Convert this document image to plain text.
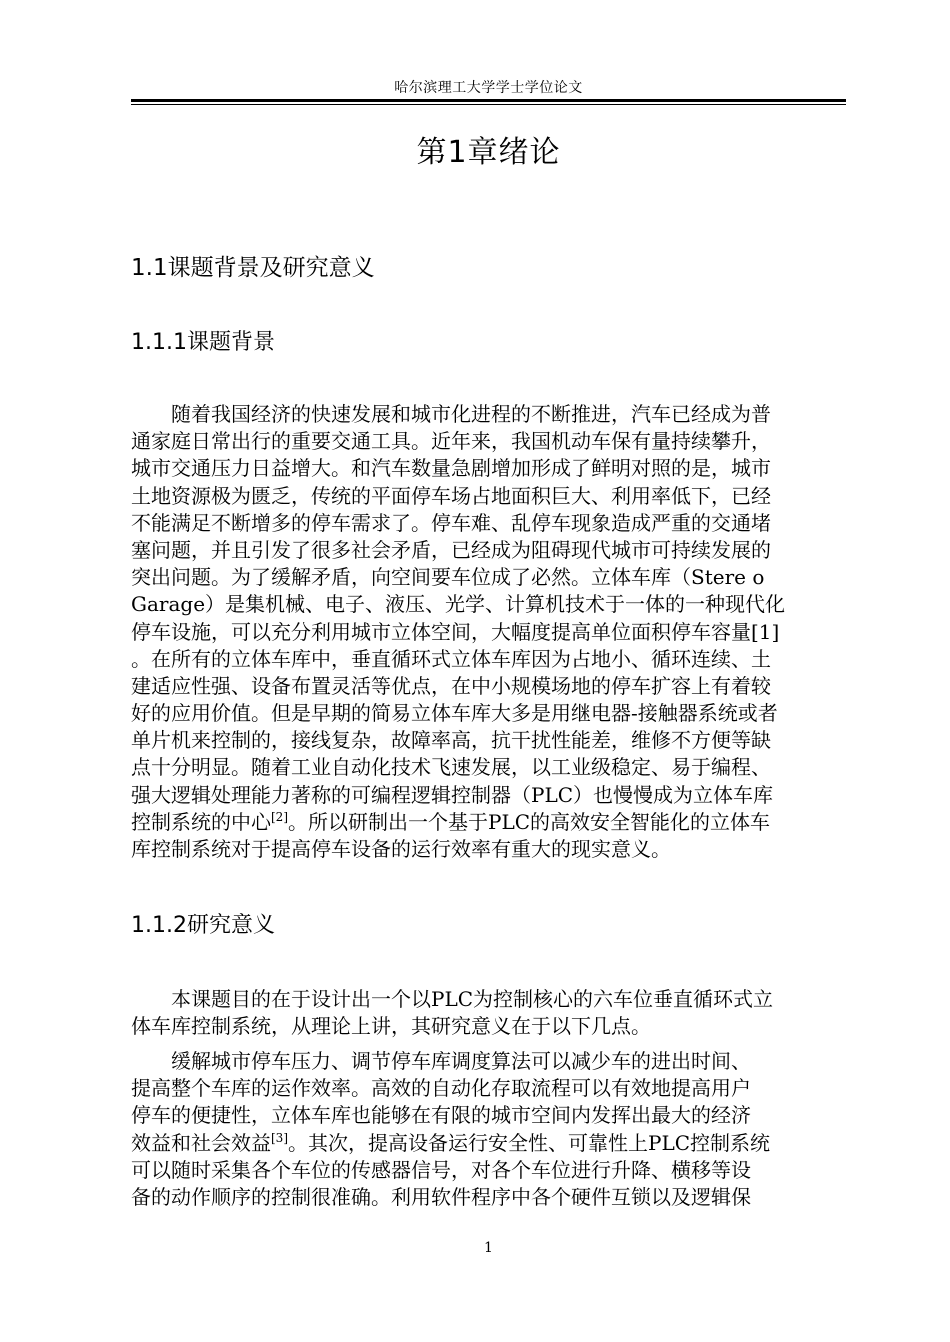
哈尔滨理工大学学士学位论文
第1章绪论
1.1课题背景及研究意义
1.1.1课题背景
随着我国经济的快速发展和城市化进程的不断推进，汽车已经成为普
通家庭日常出行的重要交通工具。近年来，我国机动车保有量持续攀升，
城市交通压力日益增大。和汽车数量急剧增加形成了鲜明对照的是，城市
土地资源极为匮乏，传统的平面停车场占地面积巨大、利用率低下，已经
不能满足不断增多的停车需求了。停车难、乱停车现象造成严重的交通堵
塞问题，并且引发了很多社会矛盾，已经成为阻碍现代城市可持续发展的
突出问题。为了缓解矛盾，向空间要车位成了必然。立体车库（Stere o
Garage）是集机械、电子、液压、光学、计算机技术于一体的一种现代化
停车设施，可以充分利用城市立体空间，大幅度提高单位面积停车容量[1]
。在所有的立体车库中，垂直循环式立体车库因为占地小、循环连续、土
建适应性强、设备布置灵活等优点，在中小规模场地的停车扩容上有着较
好的应用价值。但是早期的简易立体车库大多是用继电器-接触器系统或者
单片机来控制的，接线复杂，故障率高，抗干扰性能差，维修不方便等缺
点十分明显。随着工业自动化技术飞速发展，以工业级稳定、易于编程、
强大逻辑处理能力著称的可编程逻辑控制器（PLC）也慢慢成为立体车库
控制系统的中心[2]。所以研制出一个基于PLC的高效安全智能化的立体车
库控制系统对于提高停车设备的运行效率有重大的现实意义。
1.1.2研究意义
本课题目的在于设计出一个以PLC为控制核心的六车位垂直循环式立
体车库控制系统，从理论上讲，其研究意义在于以下几点。
缓解城市停车压力、调节停车库调度算法可以减少车的进出时间、
提高整个车库的运作效率。高效的自动化存取流程可以有效地提高用户
停车的便捷性，立体车库也能够在有限的城市空间内发挥出最大的经济
效益和社会效益[3]。其次，提高设备运行安全性、可靠性上PLC控制系统
可以随时采集各个车位的传感器信号，对各个车位进行升降、横移等设
备的动作顺序的控制很准确。利用软件程序中各个硬件互锁以及逻辑保
1
